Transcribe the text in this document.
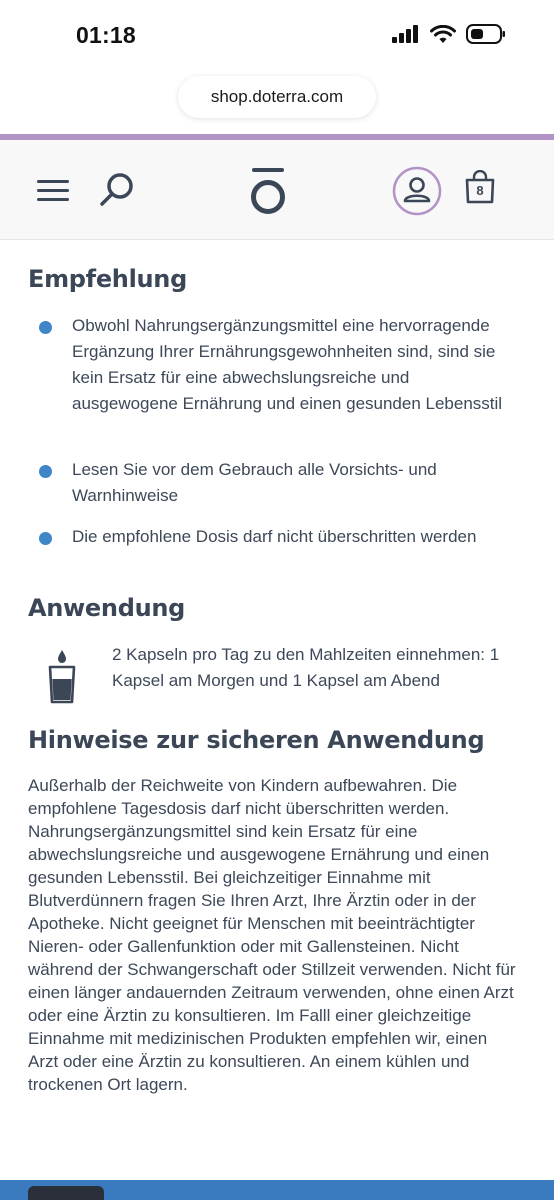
01:18
shop.doterra.com
8
Empfehlung

Obwohl Nahrungsergänzungsmittel eine hervorragende Ergänzung Ihrer Ernährungsgewohnheiten sind, sind sie kein Ersatz für eine abwechslungsreiche und ausgewogene Ernährung und einen gesunden Lebensstil

Lesen Sie vor dem Gebrauch alle Vorsichts- und Warnhinweise

Die empfohlene Dosis darf nicht überschritten werden

Anwendung

2 Kapseln pro Tag zu den Mahlzeiten einnehmen: 1 Kapsel am Morgen und 1 Kapsel am Abend

Hinweise zur sicheren Anwendung

Außerhalb der Reichweite von Kindern aufbewahren. Die empfohlene Tagesdosis darf nicht überschritten werden. Nahrungsergänzungsmittel sind kein Ersatz für eine abwechslungsreiche und ausgewogene Ernährung und einen gesunden Lebensstil. Bei gleichzeitiger Einnahme mit Blutverdünnern fragen Sie Ihren Arzt, Ihre Ärztin oder in der Apotheke. Nicht geeignet für Menschen mit beeinträchtigter Nieren- oder Gallenfunktion oder mit Gallensteinen. Nicht während der Schwangerschaft oder Stillzeit verwenden. Nicht für einen länger andauernden Zeitraum verwenden, ohne einen Arzt oder eine Ärztin zu konsultieren. Im Falll einer gleichzeitige Einnahme mit medizinischen Produkten empfehlen wir, einen Arzt oder eine Ärztin zu konsultieren. An einem kühlen und trockenen Ort lagern.
